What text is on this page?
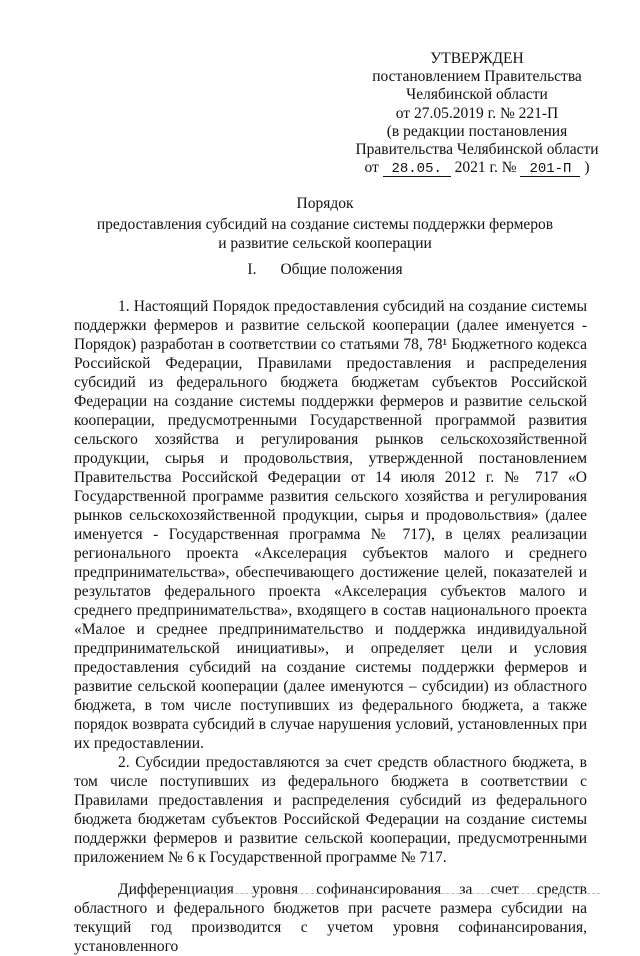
УТВЕРЖДЕН
постановлением Правительства
Челябинской области
от 27.05.2019 г. № 221-П
(в редакции постановления
Правительства Челябинской области
от 28.05. 2021 г. № 201-П )
Порядок
предоставления субсидий на создание системы поддержки фермеров
и развитие сельской кооперации
I. Общие положения

1. Настоящий Порядок предоставления субсидий на создание системы поддержки фермеров и развитие сельской кооперации (далее именуется - Порядок) разработан в соответствии со статьями 78, 78¹ Бюджетного кодекса Российской Федерации, Правилами предоставления и распределения субсидий из федерального бюджета бюджетам субъектов Российской Федерации на создание системы поддержки фермеров и развитие сельской кооперации, предусмотренными Государственной программой развития сельского хозяйства и регулирования рынков сельскохозяйственной продукции, сырья и продовольствия, утвержденной постановлением Правительства Российской Федерации от 14 июля 2012 г. № 717 «О Государственной программе развития сельского хозяйства и регулирования рынков сельскохозяйственной продукции, сырья и продовольствия» (далее именуется - Государственная программа № 717), в целях реализации регионального проекта «Акселерация субъектов малого и среднего предпринимательства», обеспечивающего достижение целей, показателей и результатов федерального проекта «Акселерация субъектов малого и среднего предпринимательства», входящего в состав национального проекта «Малое и среднее предпринимательство и поддержка индивидуальной предпринимательской инициативы», и определяет цели и условия предоставления субсидий на создание системы поддержки фермеров и развитие сельской кооперации (далее именуются – субсидии) из областного бюджета, в том числе поступивших из федерального бюджета, а также порядок возврата субсидий в случае нарушения условий, установленных при их предоставлении.

2. Субсидии предоставляются за счет средств областного бюджета, в том числе поступивших из федерального бюджета в соответствии с Правилами предоставления и распределения субсидий из федерального бюджета бюджетам субъектов Российской Федерации на создание системы поддержки фермеров и развитие сельской кооперации, предусмотренными приложением № 6 к Государственной программе № 717.

Дифференциация уровня софинансирования за счет средств областного и федерального бюджетов при расчете размера субсидии на текущий год производится с учетом уровня софинансирования, установленного
